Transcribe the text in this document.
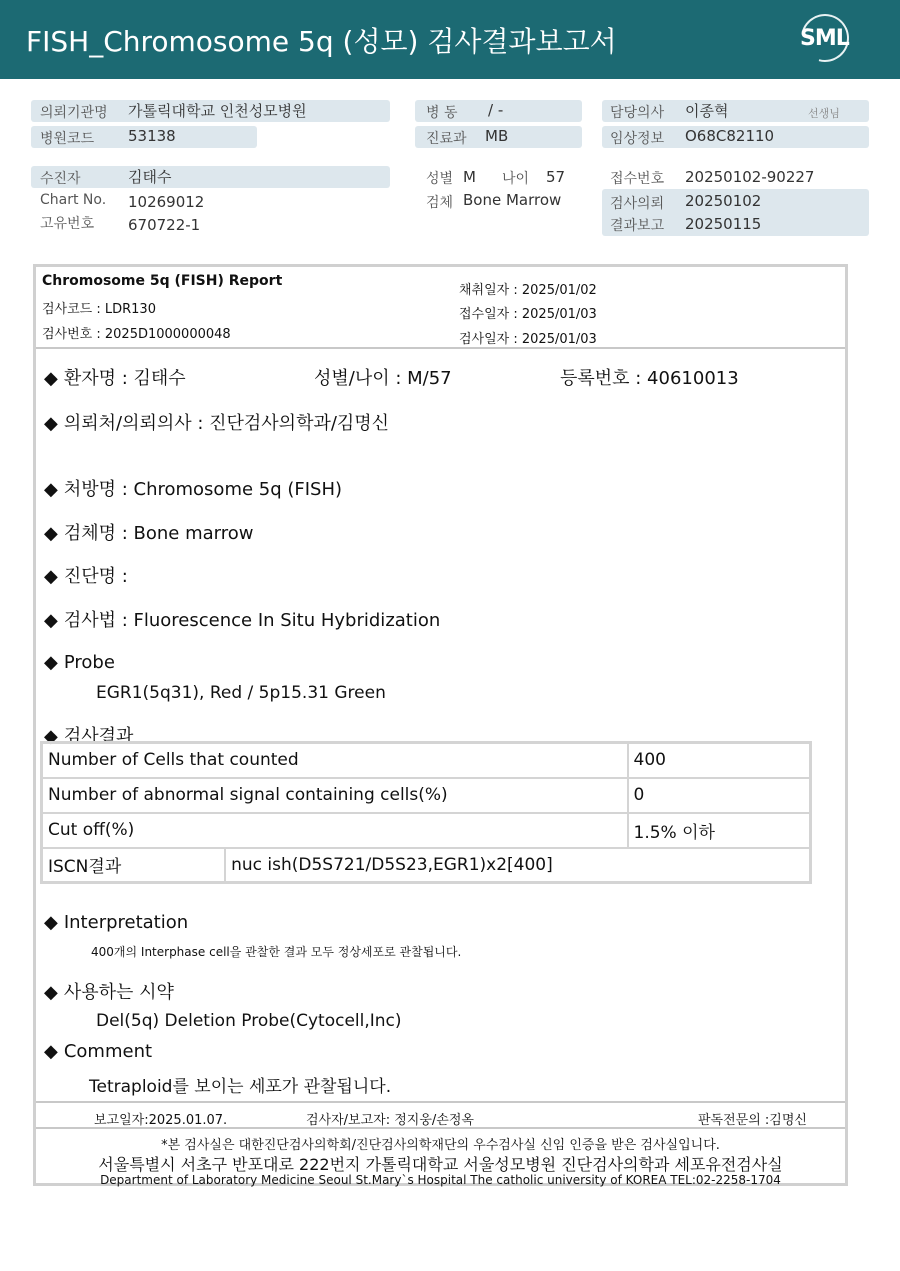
FISH_Chromosome 5q (성모) 검사결과보고서	SML
의뢰기관명 가톨릭대학교 인천성모병원
병원코드 53138
병 동 / -
진료과 MB
담당의사 이종혁	선생님
임상정보 O68C82110
수진자	김태수
Chart No. 10269012
고유번호 670722-1
성별 M 나이 57
검체 Bone Marrow
접수번호 20250102-90227
검사의뢰 20250102
결과보고 20250115
Chromosome 5q (FISH) Report
검사코드 : LDR130
검사번호 : 2025D1000000048
채취일자 : 2025/01/02
접수일자 : 2025/01/03
검사일자 : 2025/01/03
◆ 환자명 : 김태수	성별/나이 : M/57	등록번호 : 40610013
◆ 의뢰처/의뢰의사 : 진단검사의학과/김명신
◆ 처방명 : Chromosome 5q (FISH)
◆ 검체명 : Bone marrow
◆ 진단명 :
◆ 검사법 : Fluorescence In Situ Hybridization
◆ Probe
EGR1(5q31), Red / 5p15.31 Green
◆ 검사결과
Number of Cells that counted		400
Number of abnormal signal containing cells(%)		0
Cut off(%)		1.5% 이하
ISCN결과	nuc ish(D5S721/D5S23,EGR1)x2[400]	
◆ Interpretation
400개의 Interphase cell을 관찰한 결과 모두 정상세포로 관찰됩니다.
◆ 사용하는 시약
Del(5q) Deletion Probe(Cytocell,Inc)
◆ Comment
Tetraploid를 보이는 세포가 관찰됩니다.
보고일자:2025.01.07.	검사자/보고자: 정지웅/손정옥	판독전문의 :김명신
*본 검사실은 대한진단검사의학회/진단검사의학재단의 우수검사실 신임 인증을 받은 검사실입니다.
서울특별시 서초구 반포대로 222번지 가톨릭대학교 서울성모병원 진단검사의학과 세포유전검사실
Department of Laboratory Medicine Seoul St.Mary`s Hospital The catholic university of KOREA TEL:02-2258-1704
